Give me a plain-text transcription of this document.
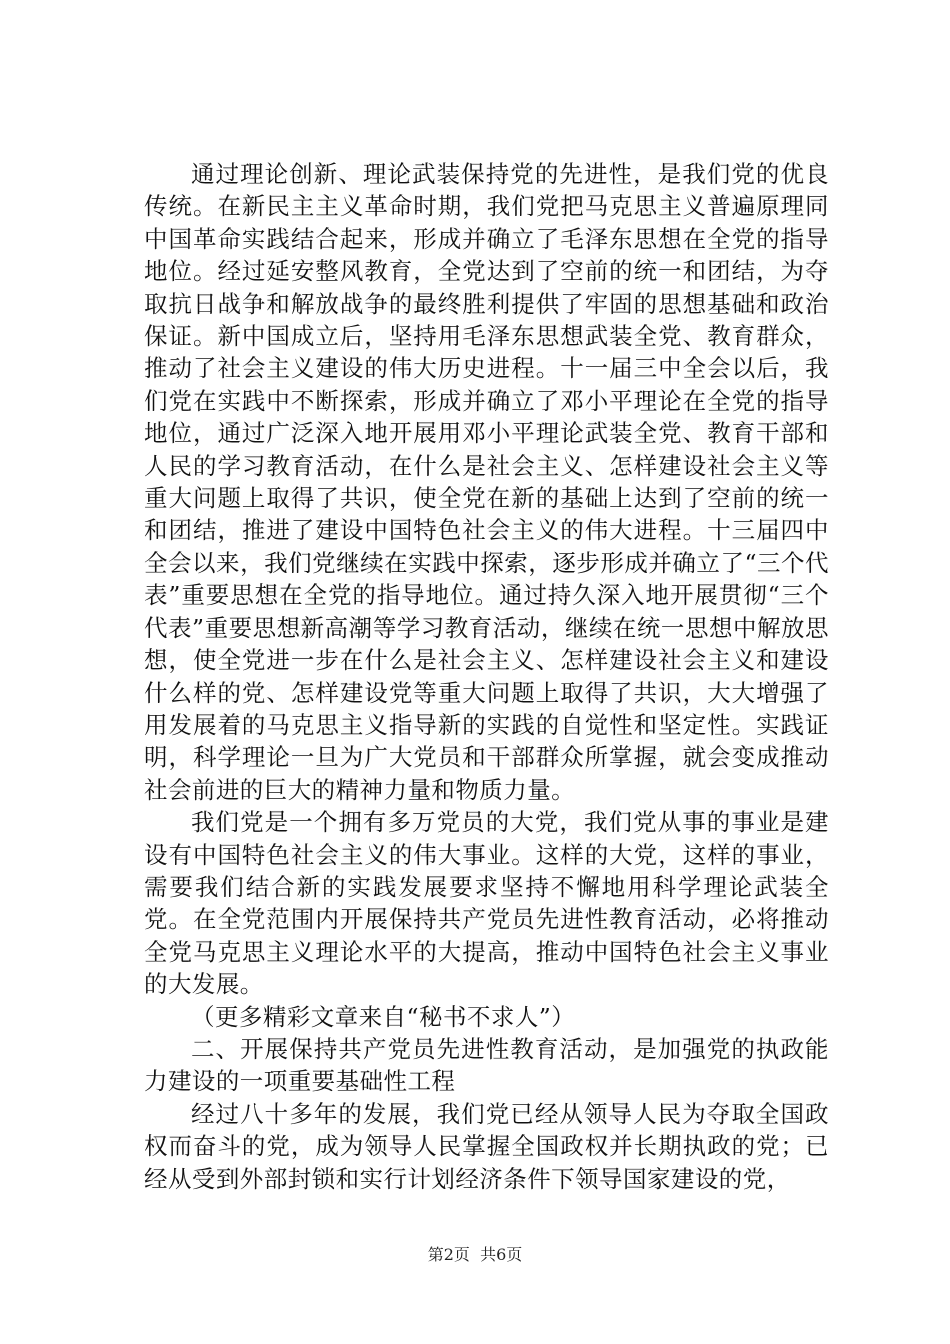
通过理论创新、理论武装保持党的先进性，是我们党的优良传统。在新民主主义革命时期，我们党把马克思主义普遍原理同中国革命实践结合起来，形成并确立了毛泽东思想在全党的指导地位。经过延安整风教育，全党达到了空前的统一和团结，为夺取抗日战争和解放战争的最终胜利提供了牢固的思想基础和政治保证。新中国成立后，坚持用毛泽东思想武装全党、教育群众，推动了社会主义建设的伟大历史进程。十一届三中全会以后，我们党在实践中不断探索，形成并确立了邓小平理论在全党的指导地位，通过广泛深入地开展用邓小平理论武装全党、教育干部和人民的学习教育活动，在什么是社会主义、怎样建设社会主义等重大问题上取得了共识，使全党在新的基础上达到了空前的统一和团结，推进了建设中国特色社会主义的伟大进程。十三届四中全会以来，我们党继续在实践中探索，逐步形成并确立了“三个代表”重要思想在全党的指导地位。通过持久深入地开展贯彻“三个代表”重要思想新高潮等学习教育活动，继续在统一思想中解放思想，使全党进一步在什么是社会主义、怎样建设社会主义和建设什么样的党、怎样建设党等重大问题上取得了共识，大大增强了用发展着的马克思主义指导新的实践的自觉性和坚定性。实践证明，科学理论一旦为广大党员和干部群众所掌握，就会变成推动社会前进的巨大的精神力量和物质力量。

我们党是一个拥有多万党员的大党，我们党从事的事业是建设有中国特色社会主义的伟大事业。这样的大党，这样的事业，需要我们结合新的实践发展要求坚持不懈地用科学理论武装全党。在全党范围内开展保持共产党员先进性教育活动，必将推动全党马克思主义理论水平的大提高，推动中国特色社会主义事业的大发展。

（更多精彩文章来自“秘书不求人”）

二、开展保持共产党员先进性教育活动，是加强党的执政能力建设的一项重要基础性工程

经过八十多年的发展，我们党已经从领导人民为夺取全国政权而奋斗的党，成为领导人民掌握全国政权并长期执政的党；已经从受到外部封锁和实行计划经济条件下领导国家建设的党，

第2页 共6页
